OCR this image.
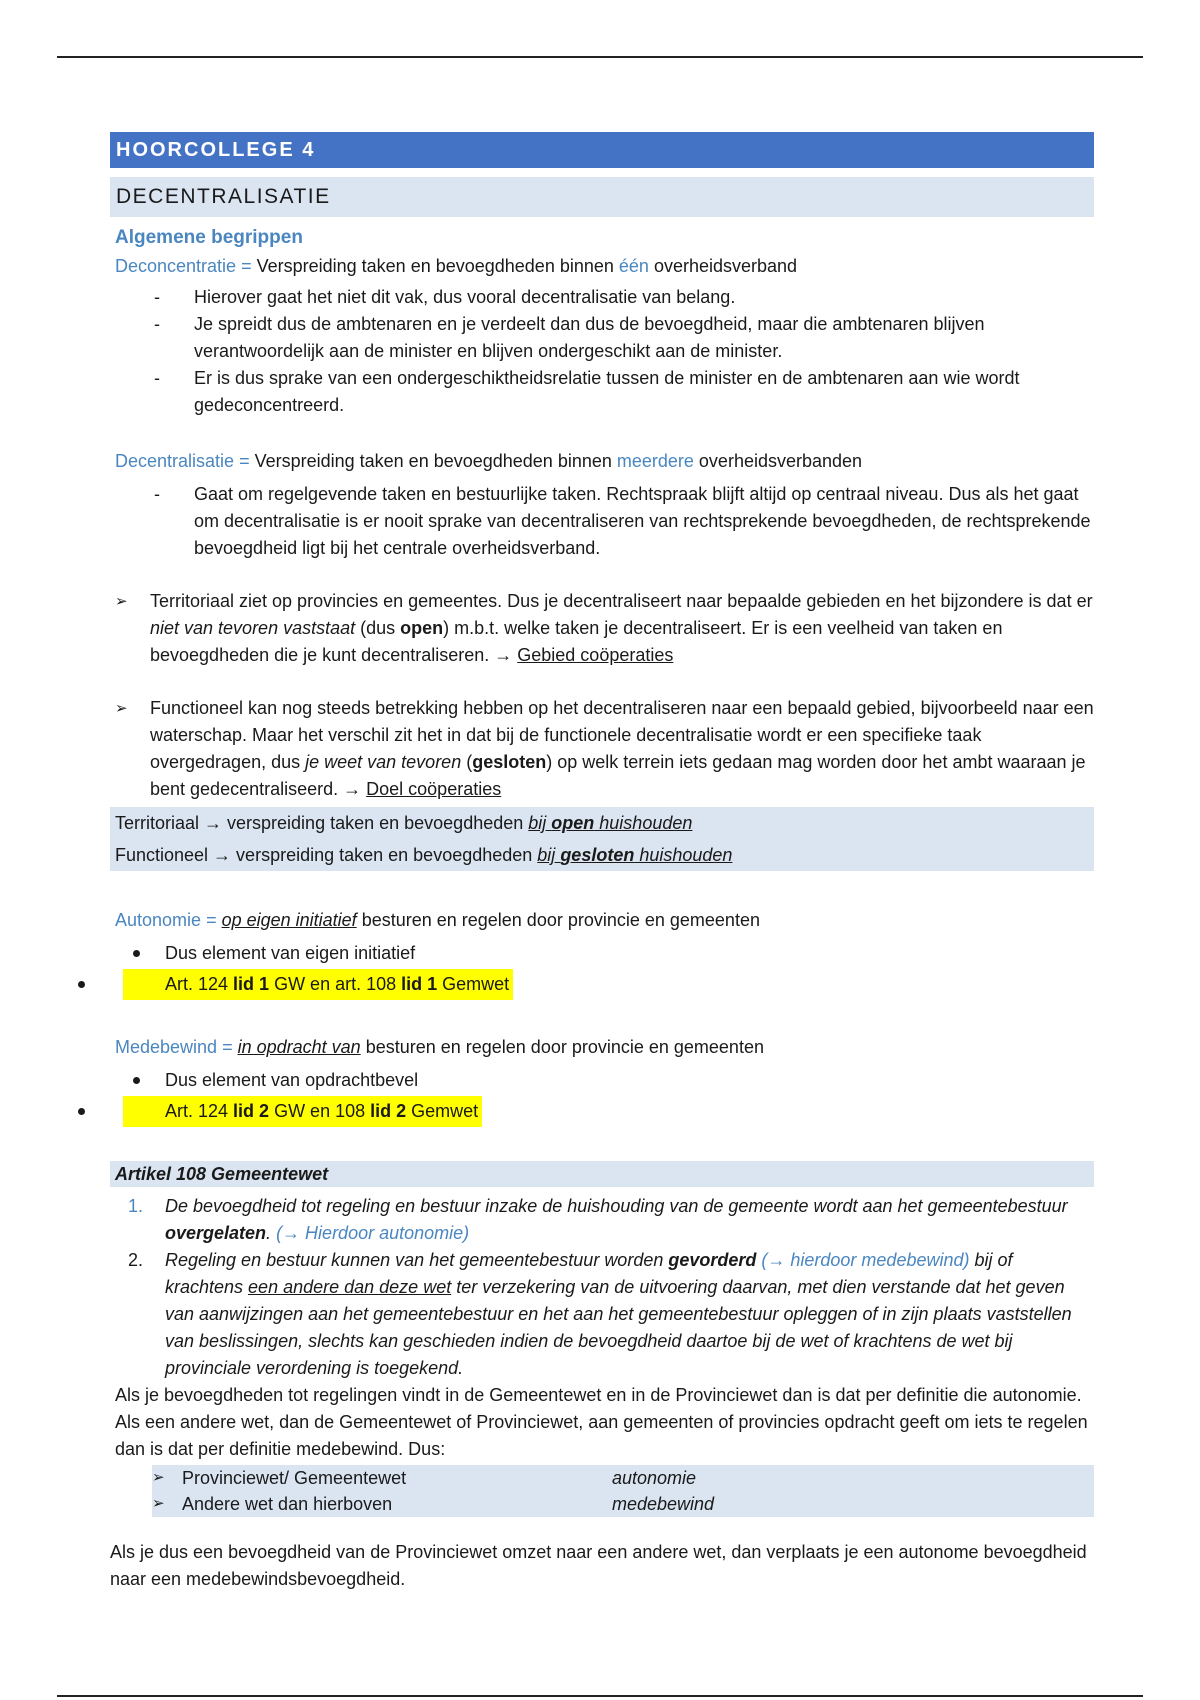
HOORCOLLEGE 4
DECENTRALISATIE
Algemene begrippen
Deconcentratie = Verspreiding taken en bevoegdheden binnen één overheidsverband
- Hierover gaat het niet dit vak, dus vooral decentralisatie van belang.
- Je spreidt dus de ambtenaren en je verdeelt dan dus de bevoegdheid, maar die ambtenaren blijven verantwoordelijk aan de minister en blijven ondergeschikt aan de minister.
- Er is dus sprake van een ondergeschiktheidsrelatie tussen de minister en de ambtenaren aan wie wordt gedeconcentreerd.
Decentralisatie = Verspreiding taken en bevoegdheden binnen meerdere overheidsverbanden
- Gaat om regelgevende taken en bestuurlijke taken. Rechtspraak blijft altijd op centraal niveau. Dus als het gaat om decentralisatie is er nooit sprake van decentraliseren van rechtsprekende bevoegdheden, de rechtsprekende bevoegdheid ligt bij het centrale overheidsverband.
➢ Territoriaal ziet op provincies en gemeentes. Dus je decentraliseert naar bepaalde gebieden en het bijzondere is dat er niet van tevoren vaststaat (dus open) m.b.t. welke taken je decentraliseert. Er is een veelheid van taken en bevoegdheden die je kunt decentraliseren. → Gebied coöperaties
➢ Functioneel kan nog steeds betrekking hebben op het decentraliseren naar een bepaald gebied, bijvoorbeeld naar een waterschap. Maar het verschil zit het in dat bij de functionele decentralisatie wordt er een specifieke taak overgedragen, dus je weet van tevoren (gesloten) op welk terrein iets gedaan mag worden door het ambt waaraan je bent gedecentraliseerd. → Doel coöperaties
Territoriaal → verspreiding taken en bevoegdheden bij open huishouden
Functioneel → verspreiding taken en bevoegdheden bij gesloten huishouden
Autonomie = op eigen initiatief besturen en regelen door provincie en gemeenten
Dus element van eigen initiatief
Art. 124 lid 1 GW en art. 108 lid 1 Gemwet
Medebewind = in opdracht van besturen en regelen door provincie en gemeenten
Dus element van opdrachtbevel
Art. 124 lid 2 GW en 108 lid 2 Gemwet
Artikel 108 Gemeentewet
1. De bevoegdheid tot regeling en bestuur inzake de huishouding van de gemeente wordt aan het gemeentebestuur overgelaten. (→ Hierdoor autonomie)
2. Regeling en bestuur kunnen van het gemeentebestuur worden gevorderd (→ hierdoor medebewind) bij of krachtens een andere dan deze wet ter verzekering van de uitvoering daarvan, met dien verstande dat het geven van aanwijzingen aan het gemeentebestuur en het aan het gemeentebestuur opleggen of in zijn plaats vaststellen van beslissingen, slechts kan geschieden indien de bevoegdheid daartoe bij de wet of krachtens de wet bij provinciale verordening is toegekend.
Als je bevoegdheden tot regelingen vindt in de Gemeentewet en in de Provinciewet dan is dat per definitie die autonomie. Als een andere wet, dan de Gemeentewet of Provinciewet, aan gemeenten of provincies opdracht geeft om iets te regelen dan is dat per definitie medebewind. Dus:
➢ Provinciewet/ Gemeentewet	autonomie
➢ Andere wet dan hierboven	medebewind
Als je dus een bevoegdheid van de Provinciewet omzet naar een andere wet, dan verplaats je een autonome bevoegdheid naar een medebewindsbevoegdheid.
